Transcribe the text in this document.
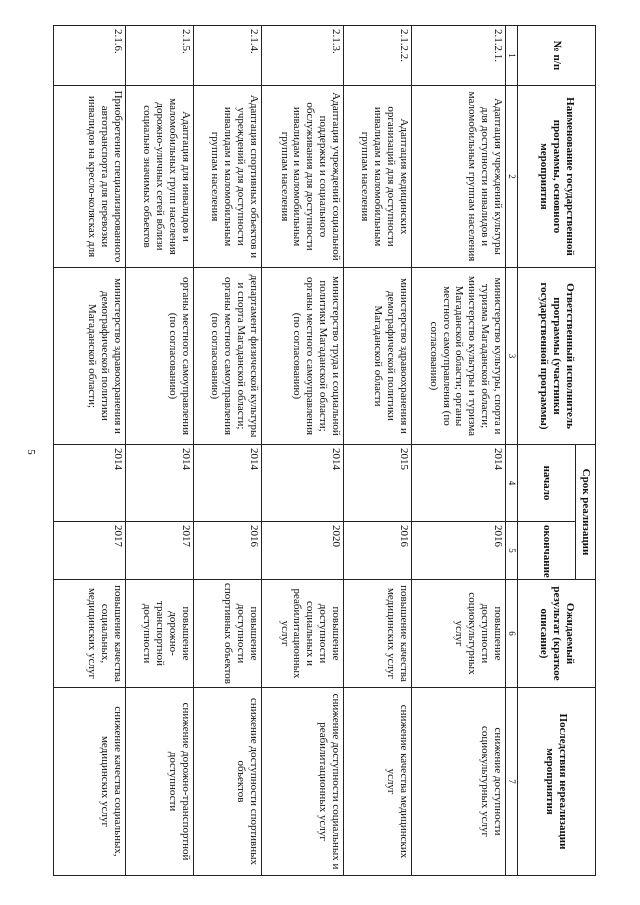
5
№ п/п	Наименование государственной программы, основного мероприятия	Ответственный исполнитель программы (участники государственной программы)	Срок реализации		Ожидаемый результат (краткое описание)	Последствия нереализации мероприятия
			начало	окончание		
1	2	3	4	5	6	7
2.1.2.1.	Адаптация учреждений культуры для доступности инвалидов и маломобильным группам населения	министерство культуры, спорта и туризма Магаданской области; министерство культуры и туризма Магаданской области; органы местного самоуправления (по согласованию)	2014	2016	повышение доступности социокультурных услуг	снижение доступности социокультурных услуг
2.1.2.2.	Адаптация медицинских организаций для доступности инвалидам и маломобильным группам населения	министерство здравоохранения и демографической политики Магаданской области	2015	2016	повышение качества медицинских услуг	снижение качества медицинских услуг
2.1.3.	Адаптация учреждений социальной поддержки и социального обслуживания для доступности инвалидам и маломобильным группам населения	министерство труда и социальной политики Магаданской области; органы местного самоуправления (по согласованию)	2014	2020	повышение доступности социальных и реабилитационных услуг	снижение доступности социальных и реабилитационных услуг
2.1.4.	Адаптация спортивных объектов и учреждений для доступности инвалидам и маломобильным группам населения	департамент физической культуры и спорта Магаданской области; органы местного самоуправления (по согласованию)	2014	2016	повышение доступности спортивных объектов	снижение доступности спортивных объектов
2.1.5.	Адаптация для инвалидов и маломобильных групп населения дорожно-уличных сетей вблизи социально значимых объектов	органы местного самоуправления (по согласованию)	2014	2017	повышение дорожно-транспортной доступности	снижение дорожно-транспортной доступности
2.1.6.	Приобретение специализированного автотранспорта для перевозки инвалидов на кресло-колясках для	министерство здравоохранения и демографической политики Магаданской области;	2014	2017	повышение качества социальных, медицинских услуг	снижение качества социальных, медицинских услуг
